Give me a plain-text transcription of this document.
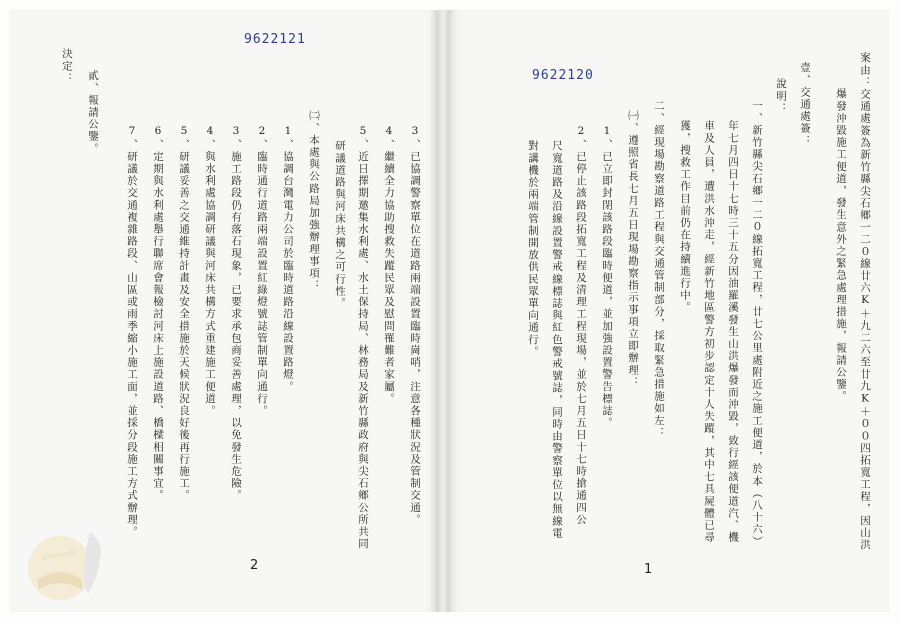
9622121
3、已協調警察單位在道路兩端設置臨時崗哨，注意各種狀況及管制交通。
4、繼續全力協助搜救失蹤民眾及慰問罹難者家屬。
5、近日擇期邀集水利處、水土保持局、林務局及新竹縣政府與尖石鄉公所共同
研議道路與河床共構之可行性。
㈡、本處與公路局加強辦理事項：
1、協調台灣電力公司於臨時道路沿線設置路燈。
2、臨時通行道路兩端設置紅綠燈號誌管制單向通行。
3、施工路段仍有落石現象，已要求承包商妥善處理，以免發生危險。
4、與水利處協調研議與河床共構方式重建施工便道。
5、研議妥善之交通維持計畫及安全措施於天候狀況良好後再行施工。
6、定期與水利處舉行聯席會報檢討河床上施設道路、橋樑相關事宜。
7、研議於交通複雜路段、山區或雨季縮小施工面，並採分段施工方式辦理。
貳、報請公鑒。
決定：
2
9622120	案由：交通處簽為新竹縣尖石鄉一二０線廿六K＋九二六至廿九K＋００四拓寬工程，因山洪
爆發沖毀施工便道，發生意外之緊急處理措施，報請公鑒。
壹、交通處簽：
說明：
一、新竹縣尖石鄉一二０線拓寬工程，廿七公里處附近之施工便道，於本（八十六）
年七月四日十七時三十五分因油羅溪發生山洪爆發而沖毀，致行經該便道汽、機
車及人員，遭洪水沖走，經新竹地區警方初步認定十人失蹤，其中七具屍體已尋
獲，搜救工作目前仍在持續進行中。
二、經現場勘察道路工程與交通管制部分，採取緊急措施如左：
㈠、遵照省長七月五日現場勘察指示事項立即辦理：
1、已立即封閉該路段臨時便道，並加強設置警告標誌。
2、已停止該路段拓寬工程及清理工程現場，並於七月五日十七時搶通四公
尺寬道路及沿線設置警戒線標誌與紅色警戒號誌，同時由警察單位以無線電
對講機於兩端管制開放供民眾單向通行。
1
